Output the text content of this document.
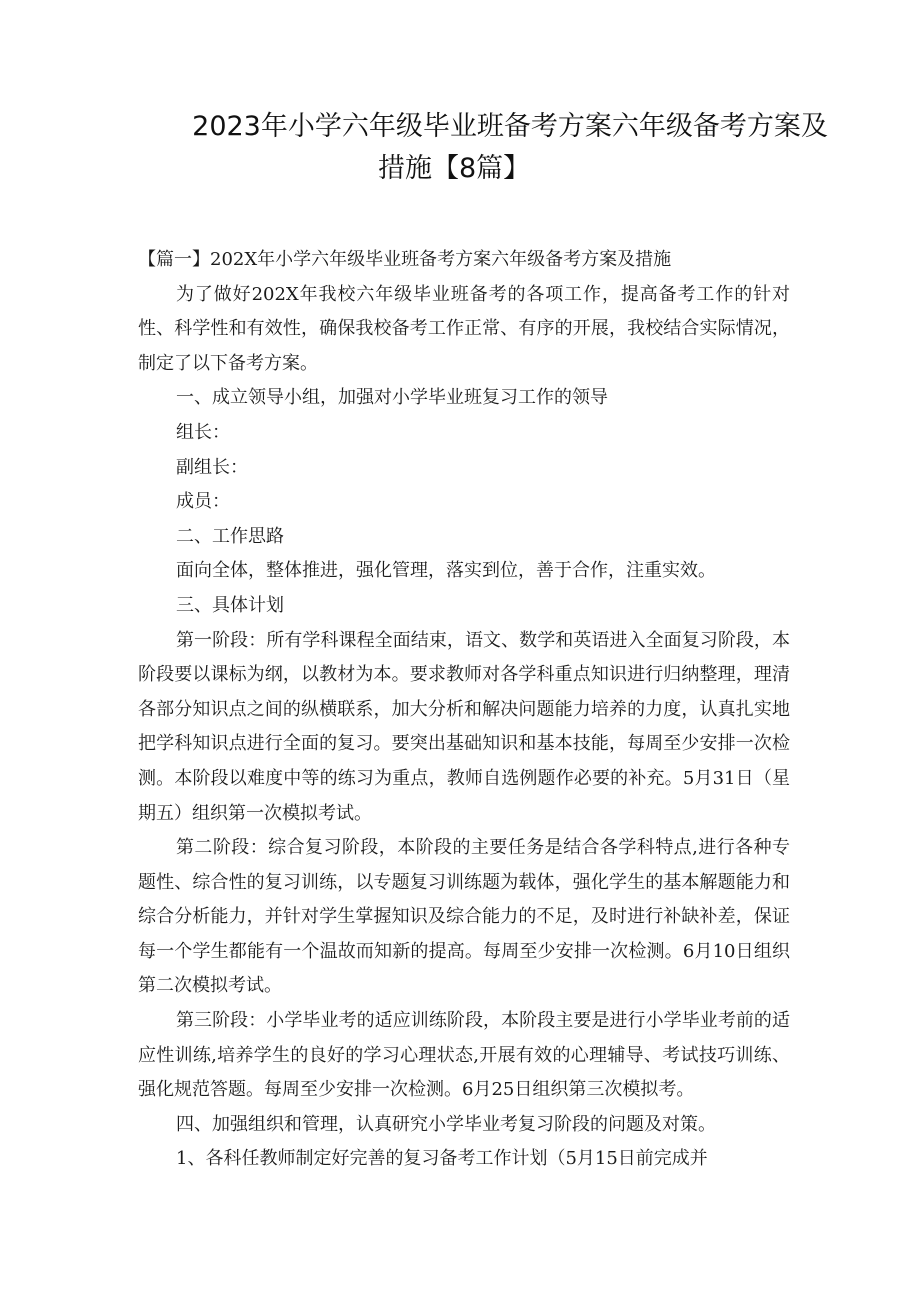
2023年小学六年级毕业班备考方案六年级备考方案及
措施【8篇】

【篇一】202X年小学六年级毕业班备考方案六年级备考方案及措施

为了做好202X年我校六年级毕业班备考的各项工作，提高备考工作的针对性、科学性和有效性，确保我校备考工作正常、有序的开展，我校结合实际情况，制定了以下备考方案。

一、成立领导小组，加强对小学毕业班复习工作的领导

组长：

副组长：

成员：

二、工作思路

面向全体，整体推进，强化管理，落实到位，善于合作，注重实效。

三、具体计划

第一阶段：所有学科课程全面结束，语文、数学和英语进入全面复习阶段，本阶段要以课标为纲，以教材为本。要求教师对各学科重点知识进行归纳整理，理清各部分知识点之间的纵横联系，加大分析和解决问题能力培养的力度，认真扎实地把学科知识点进行全面的复习。要突出基础知识和基本技能，每周至少安排一次检测。本阶段以难度中等的练习为重点，教师自选例题作必要的补充。5月31日（星期五）组织第一次模拟考试。

第二阶段：综合复习阶段，本阶段的主要任务是结合各学科特点,进行各种专题性、综合性的复习训练，以专题复习训练题为载体，强化学生的基本解题能力和综合分析能力，并针对学生掌握知识及综合能力的不足，及时进行补缺补差，保证每一个学生都能有一个温故而知新的提高。每周至少安排一次检测。6月10日组织第二次模拟考试。

第三阶段：小学毕业考的适应训练阶段，本阶段主要是进行小学毕业考前的适应性训练,培养学生的良好的学习心理状态,开展有效的心理辅导、考试技巧训练、强化规范答题。每周至少安排一次检测。6月25日组织第三次模拟考。

四、加强组织和管理，认真研究小学毕业考复习阶段的问题及对策。

1、各科任教师制定好完善的复习备考工作计划（5月15日前完成并
